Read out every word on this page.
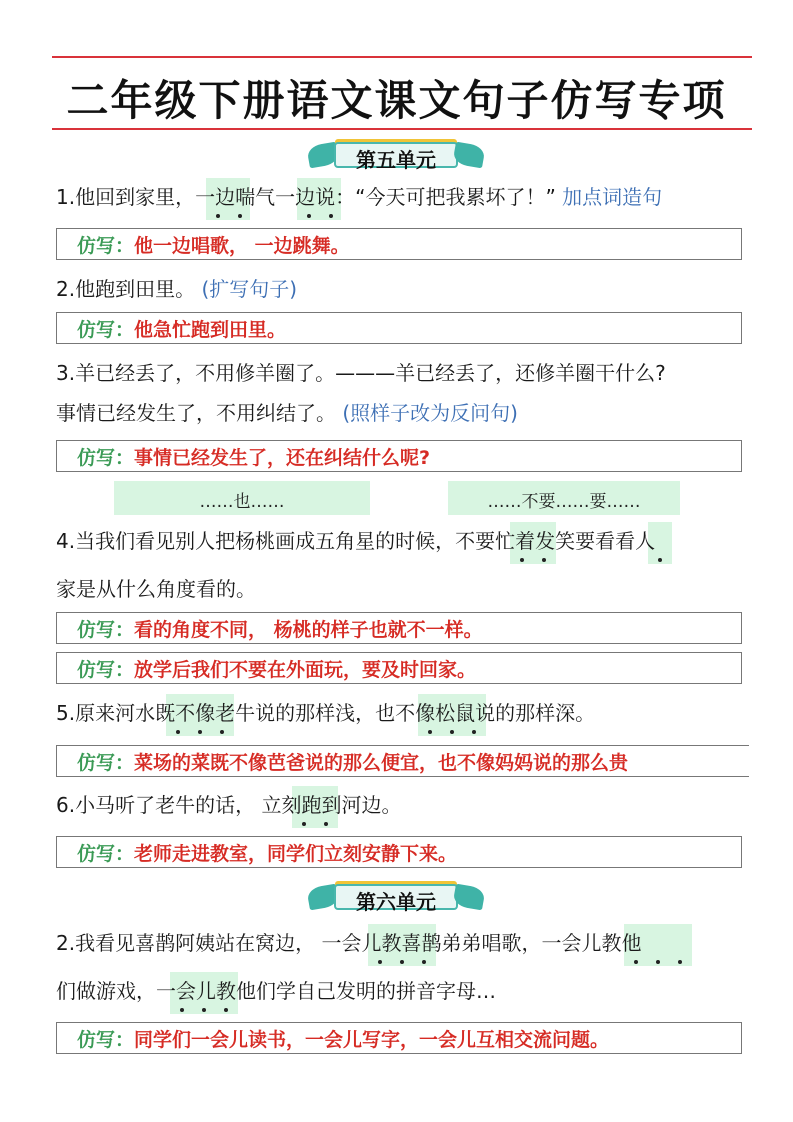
二年级下册语文课文句子仿写专项
第五单元
1.他回到家里，一边喘气一边说：“今天可把我累坏了！” 加点词造句
仿写：他一边唱歌， 一边跳舞。
2.他跑到田里。 (扩写句子)
仿写：他急忙跑到田里。
3.羊已经丢了，不用修羊圈了。———羊已经丢了，还修羊圈干什么?
事情已经发生了，不用纠结了。 (照样子改为反问句)
仿写：事情已经发生了，还在纠结什么呢?
……也……	……不要……要……
4.当我们看见别人把杨桃画成五角星的时候，不要忙着发笑要看看人
家是从什么角度看的。
仿写：看的角度不同， 杨桃的样子也就不一样。
仿写：放学后我们不要在外面玩，要及时回家。
5.原来河水既不像老牛说的那样浅，也不像松鼠说的那样深。
仿写：菜场的菜既不像芭爸说的那么便宜，也不像妈妈说的那么贵
6.小马听了老牛的话， 立刻跑到河边。
仿写：老师走进教室，同学们立刻安静下来。
第六单元
2.我看见喜鹊阿姨站在窝边， 一会儿教喜鹊弟弟唱歌，一会儿教他
们做游戏，一会儿教他们学自己发明的拼音字母…
仿写：同学们一会儿读书，一会儿写字，一会儿互相交流问题。
